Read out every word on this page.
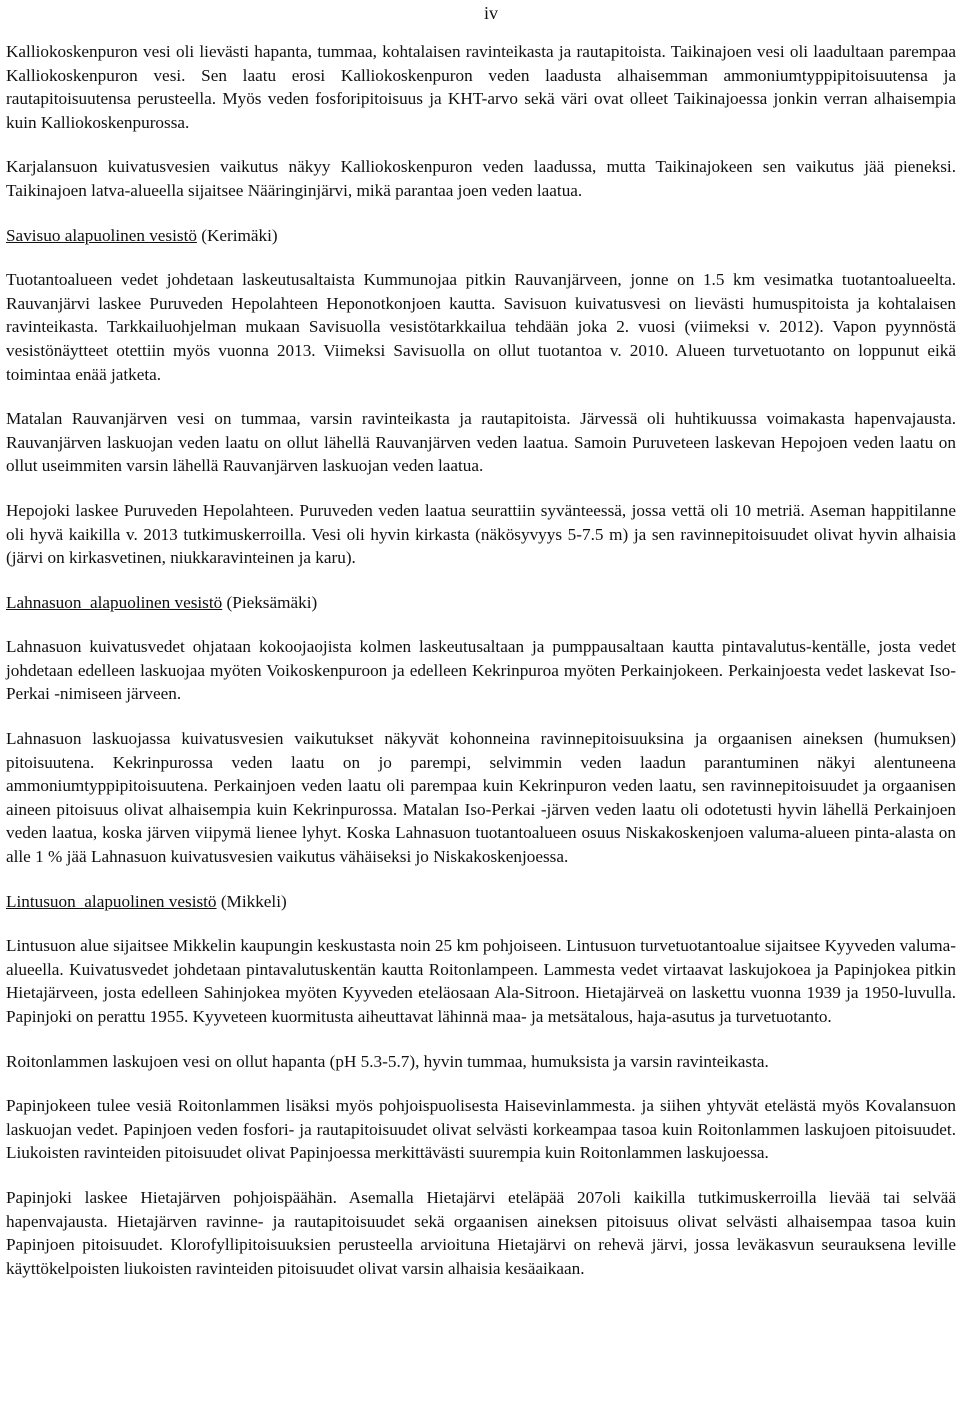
iv

Kalliokoskenpuron vesi oli lievästi hapanta, tummaa, kohtalaisen ravinteikasta ja rautapitoista. Taikinajoen vesi oli laadultaan parempaa Kalliokoskenpuron vesi. Sen laatu erosi Kalliokoskenpuron veden laadusta alhaisemman ammoniumtyppipitoisuutensa ja rautapitoisuutensa perusteella. Myös veden fosforipitoisuus ja KHT-arvo sekä väri ovat olleet Taikinajoessa jonkin verran alhaisempia kuin Kalliokoskenpurossa.

Karjalansuon kuivatusvesien vaikutus näkyy Kalliokoskenpuron veden laadussa, mutta Taikinajokeen sen vaikutus jää pieneksi. Taikinajoen latva-alueella sijaitsee Nääringinjärvi, mikä parantaa joen veden laatua.

Savisuo alapuolinen vesistö (Kerimäki)

Tuotantoalueen vedet johdetaan laskeutusaltaista Kummunojaa pitkin Rauvanjärveen, jonne on 1.5 km vesimatka tuotantoalueelta. Rauvanjärvi laskee Puruveden Hepolahteen Heponotkonjoen kautta. Savisuon kuivatusvesi on lievästi humuspitoista ja kohtalaisen ravinteikasta. Tarkkailuohjelman mukaan Savisuolla vesistötarkkailua tehdään joka 2. vuosi (viimeksi v. 2012). Vapon pyynnöstä vesistönäytteet otettiin myös vuonna 2013. Viimeksi Savisuolla on ollut tuotantoa v. 2010. Alueen turvetuotanto on loppunut eikä toimintaa enää jatketa.

Matalan Rauvanjärven vesi on tummaa, varsin ravinteikasta ja rautapitoista. Järvessä oli huhtikuussa voimakasta hapenvajausta. Rauvanjärven laskuojan veden laatu on ollut lähellä Rauvanjärven veden laatua. Samoin Puruveteen laskevan Hepojoen veden laatu on ollut useimmiten varsin lähellä Rauvanjärven laskuojan veden laatua.

Hepojoki laskee Puruveden Hepolahteen. Puruveden veden laatua seurattiin syvänteessä, jossa vettä oli 10 metriä. Aseman happitilanne oli hyvä kaikilla v. 2013 tutkimuskerroilla. Vesi oli hyvin kirkasta (näkösyvyys 5-7.5 m) ja sen ravinnepitoisuudet olivat hyvin alhaisia (järvi on kirkasvetinen, niukkaravinteinen ja karu).

Lahnasuon  alapuolinen vesistö (Pieksämäki)

Lahnasuon kuivatusvedet ohjataan kokoojaojista kolmen laskeutusaltaan ja pumppausaltaan kautta pintavalutus-kentälle, josta vedet johdetaan edelleen laskuojaa myöten Voikoskenpuroon ja edelleen Kekrinpuroa myöten Perkainjokeen. Perkainjoesta vedet laskevat Iso-Perkai -nimiseen järveen.

Lahnasuon laskuojassa kuivatusvesien vaikutukset näkyvät kohonneina ravinnepitoisuuksina ja orgaanisen aineksen (humuksen) pitoisuutena. Kekrinpurossa veden laatu on jo parempi, selvimmin veden laadun parantuminen näkyi alentuneena ammoniumtyppipitoisuutena. Perkainjoen veden laatu oli parempaa kuin Kekrinpuron veden laatu, sen ravinnepitoisuudet ja orgaanisen aineen pitoisuus olivat alhaisempia kuin Kekrinpurossa. Matalan Iso-Perkai -järven veden laatu oli odotetusti hyvin lähellä Perkainjoen veden laatua, koska järven viipymä lienee lyhyt. Koska Lahnasuon tuotantoalueen osuus Niskakoskenjoen valuma-alueen pinta-alasta on alle 1 % jää Lahnasuon kuivatusvesien vaikutus vähäiseksi jo Niskakoskenjoessa.

Lintusuon  alapuolinen vesistö (Mikkeli)

Lintusuon alue sijaitsee Mikkelin kaupungin keskustasta noin 25 km pohjoiseen. Lintusuon turvetuotantoalue sijaitsee Kyyveden valuma-alueella. Kuivatusvedet johdetaan pintavalutuskentän kautta Roitonlampeen. Lammesta vedet virtaavat laskujokoea ja Papinjokea pitkin Hietajärveen, josta edelleen Sahinjokea myöten Kyyveden eteläosaan Ala-Sitroon. Hietajärveä on laskettu vuonna 1939 ja 1950-luvulla. Papinjoki on perattu 1955. Kyyveteen kuormitusta aiheuttavat lähinnä maa- ja metsätalous, haja-asutus ja turvetuotanto.

Roitonlammen laskujoen vesi on ollut hapanta (pH 5.3-5.7), hyvin tummaa, humuksista ja varsin ravinteikasta.

Papinjokeen tulee vesiä Roitonlammen lisäksi myös pohjoispuolisesta Haisevinlammesta. ja siihen yhtyvät etelästä myös Kovalansuon laskuojan vedet. Papinjoen veden fosfori- ja rautapitoisuudet olivat selvästi korkeampaa tasoa kuin Roitonlammen laskujoen pitoisuudet. Liukoisten ravinteiden pitoisuudet olivat Papinjoessa merkittävästi suurempia kuin Roitonlammen laskujoessa.

Papinjoki laskee Hietajärven pohjoispäähän. Asemalla Hietajärvi eteläpää 207oli kaikilla tutkimuskerroilla lievää tai selvää hapenvajausta. Hietajärven ravinne- ja rautapitoisuudet sekä orgaanisen aineksen pitoisuus olivat selvästi alhaisempaa tasoa kuin Papinjoen pitoisuudet. Klorofyllipitoisuuksien perusteella arvioituna Hietajärvi on rehevä järvi, jossa leväkasvun seurauksena leville käyttökelpoisten liukoisten ravinteiden pitoisuudet olivat varsin alhaisia kesäaikaan.
